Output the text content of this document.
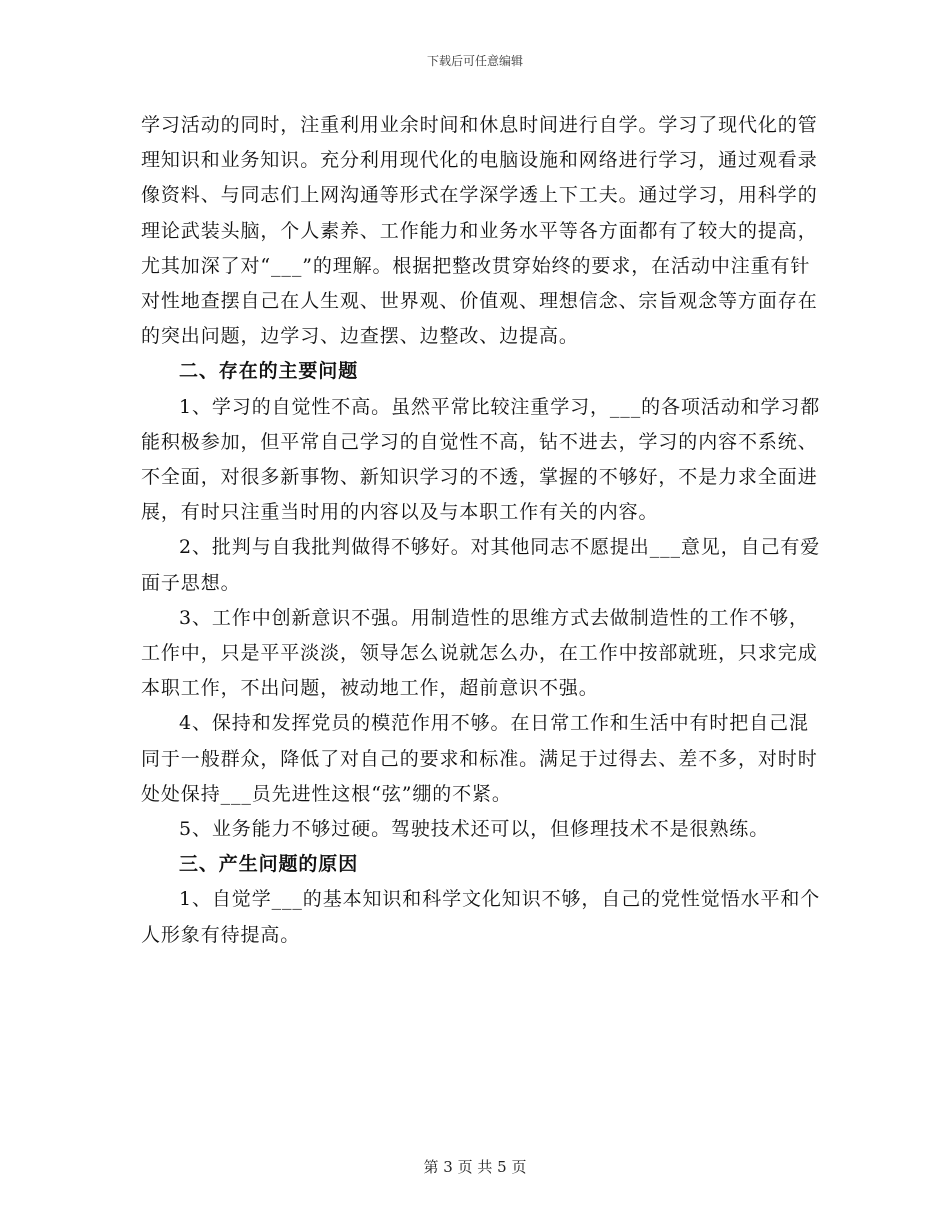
下载后可任意编辑

学习活动的同时，注重利用业余时间和休息时间进行自学。学习了现代化的管理知识和业务知识。充分利用现代化的电脑设施和网络进行学习，通过观看录像资料、与同志们上网沟通等形式在学深学透上下工夫。通过学习，用科学的理论武装头脑，个人素养、工作能力和业务水平等各方面都有了较大的提高，尤其加深了对“___”的理解。根据把整改贯穿始终的要求，在活动中注重有针对性地查摆自己在人生观、世界观、价值观、理想信念、宗旨观念等方面存在的突出问题，边学习、边查摆、边整改、边提高。

二、存在的主要问题

1、学习的自觉性不高。虽然平常比较注重学习，___的各项活动和学习都能积极参加，但平常自己学习的自觉性不高，钻不进去，学习的内容不系统、不全面，对很多新事物、新知识学习的不透，掌握的不够好，不是力求全面进展，有时只注重当时用的内容以及与本职工作有关的内容。

2、批判与自我批判做得不够好。对其他同志不愿提出___意见，自己有爱面子思想。

3、工作中创新意识不强。用制造性的思维方式去做制造性的工作不够，工作中，只是平平淡淡，领导怎么说就怎么办，在工作中按部就班，只求完成本职工作，不出问题，被动地工作，超前意识不强。

4、保持和发挥党员的模范作用不够。在日常工作和生活中有时把自己混同于一般群众，降低了对自己的要求和标准。满足于过得去、差不多，对时时处处保持___员先进性这根“弦”绷的不紧。

5、业务能力不够过硬。驾驶技术还可以，但修理技术不是很熟练。

三、产生问题的原因

1、自觉学___的基本知识和科学文化知识不够，自己的党性觉悟水平和个人形象有待提高。

第 3 页 共 5 页
